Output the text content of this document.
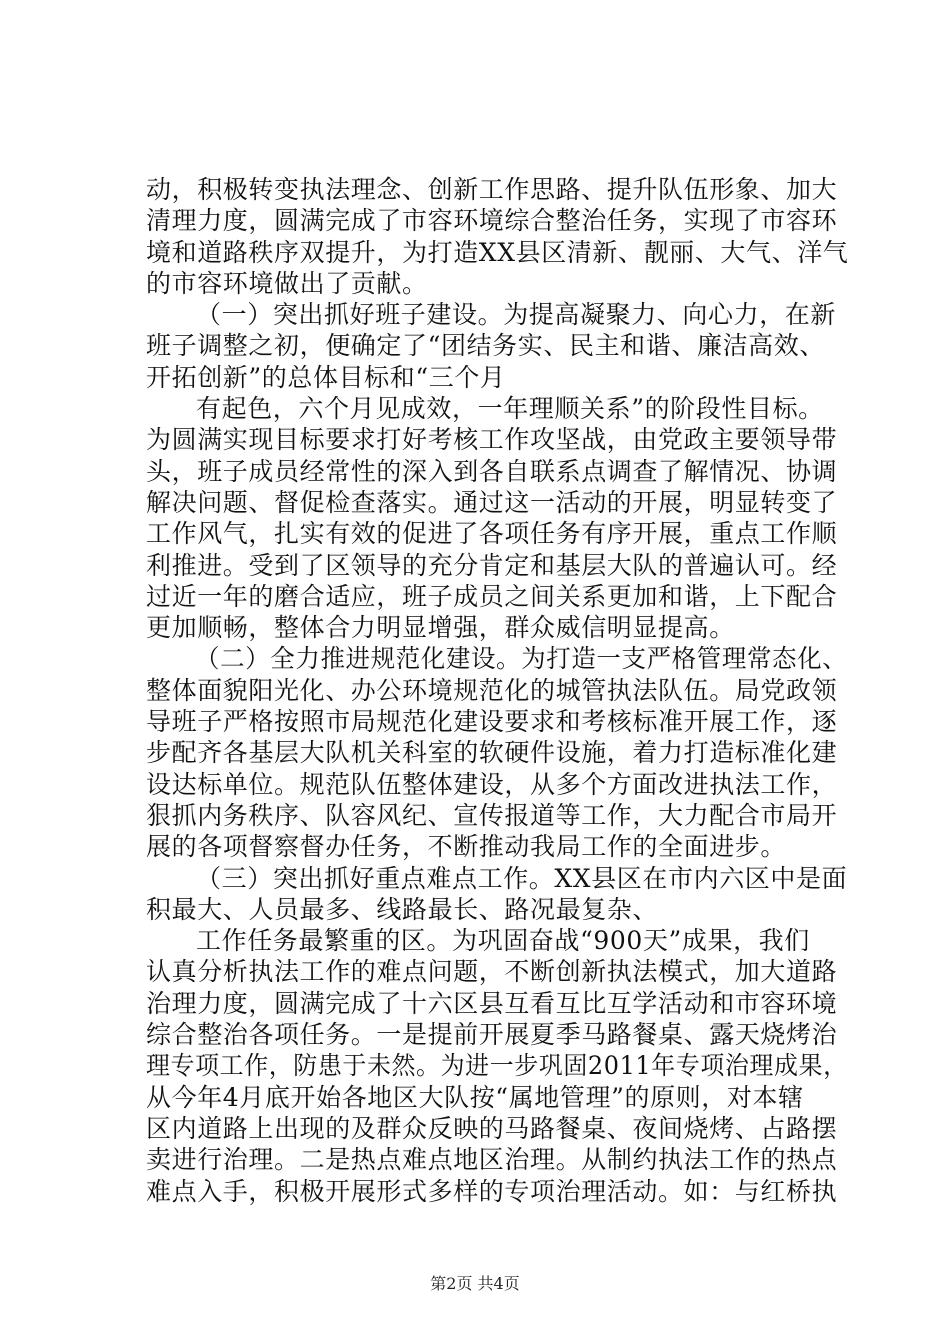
动，积极转变执法理念、创新工作思路、提升队伍形象、加大
清理力度，圆满完成了市容环境综合整治任务，实现了市容环
境和道路秩序双提升，为打造XX县区清新、靓丽、大气、洋气
的市容环境做出了贡献。
（一）突出抓好班子建设。为提高凝聚力、向心力，在新
班子调整之初，便确定了“团结务实、民主和谐、廉洁高效、
开拓创新”的总体目标和“三个月
有起色，六个月见成效，一年理顺关系”的阶段性目标。
为圆满实现目标要求打好考核工作攻坚战，由党政主要领导带
头，班子成员经常性的深入到各自联系点调查了解情况、协调
解决问题、督促检查落实。通过这一活动的开展，明显转变了
工作风气，扎实有效的促进了各项任务有序开展，重点工作顺
利推进。受到了区领导的充分肯定和基层大队的普遍认可。经
过近一年的磨合适应，班子成员之间关系更加和谐，上下配合
更加顺畅，整体合力明显增强，群众威信明显提高。
（二）全力推进规范化建设。为打造一支严格管理常态化、
整体面貌阳光化、办公环境规范化的城管执法队伍。局党政领
导班子严格按照市局规范化建设要求和考核标准开展工作，逐
步配齐各基层大队机关科室的软硬件设施，着力打造标准化建
设达标单位。规范队伍整体建设，从多个方面改进执法工作，
狠抓内务秩序、队容风纪、宣传报道等工作，大力配合市局开
展的各项督察督办任务，不断推动我局工作的全面进步。
（三）突出抓好重点难点工作。XX县区在市内六区中是面
积最大、人员最多、线路最长、路况最复杂、
工作任务最繁重的区。为巩固奋战“900天”成果，我们
认真分析执法工作的难点问题，不断创新执法模式，加大道路
治理力度，圆满完成了十六区县互看互比互学活动和市容环境
综合整治各项任务。一是提前开展夏季马路餐桌、露天烧烤治
理专项工作，防患于未然。为进一步巩固2011年专项治理成果，
从今年4月底开始各地区大队按“属地管理”的原则，对本辖
区内道路上出现的及群众反映的马路餐桌、夜间烧烤、占路摆
卖进行治理。二是热点难点地区治理。从制约执法工作的热点
难点入手，积极开展形式多样的专项治理活动。如：与红桥执
第2页 共4页
